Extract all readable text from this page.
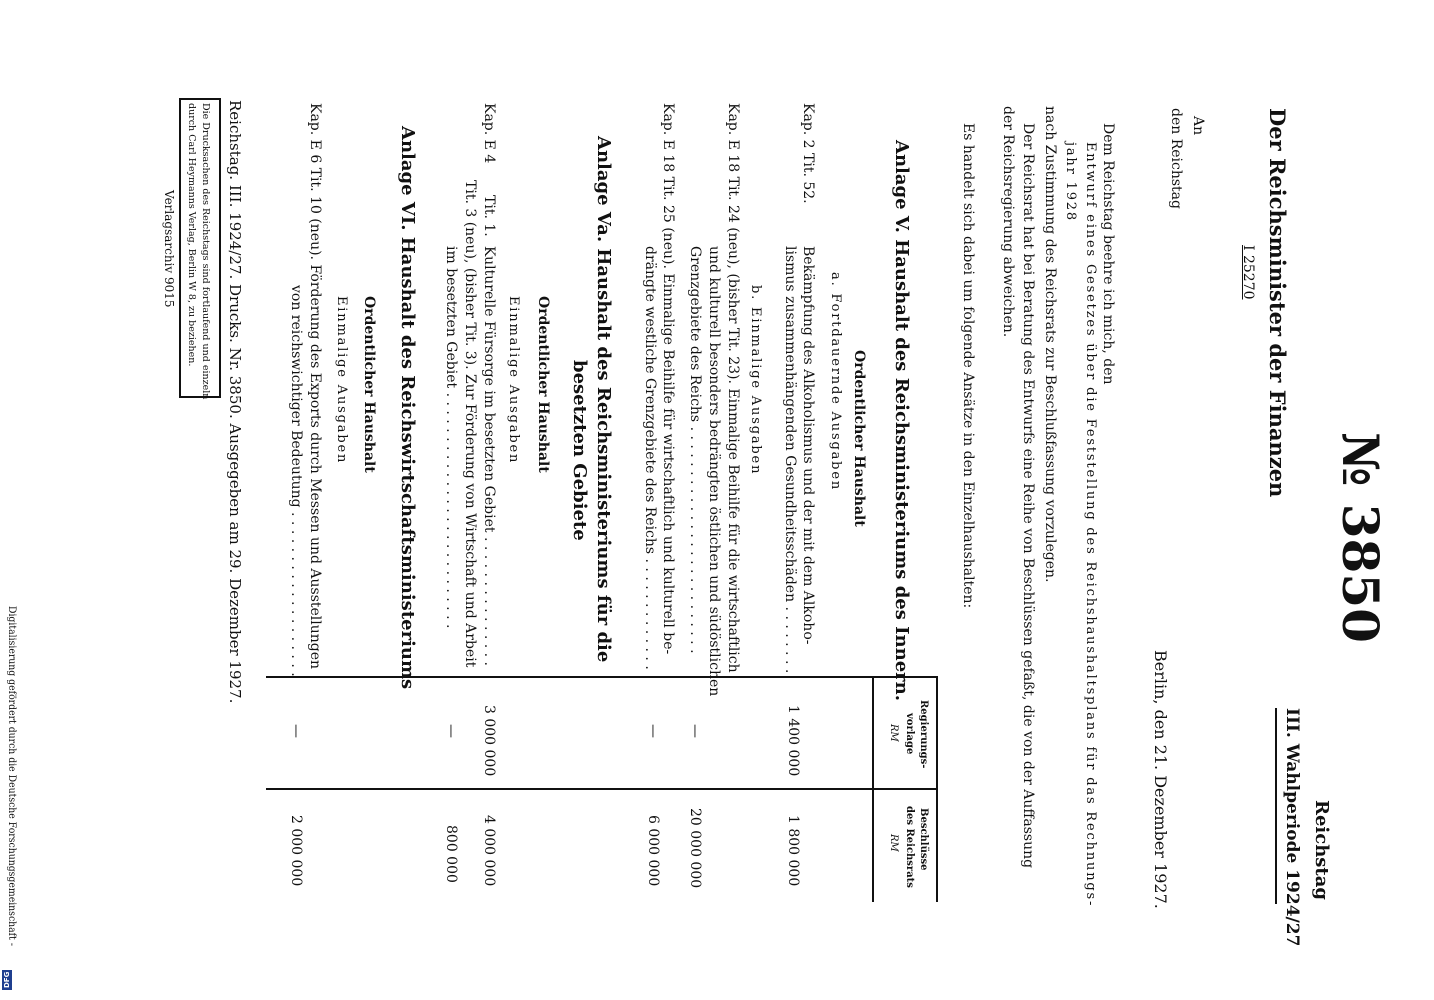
№ 3850
Reichstag
III. Wahlperiode 1924/27
Der Reichsminister der Finanzen
I 25270
Berlin, den 21. Dezember 1927.
An
den Reichstag
Dem Reichstag beehre ich mich, den
Entwurf eines Gesetzes über die Feststellung des Reichshaushaltsplans für das Rechnungs-
jahr 1928
nach Zustimmung des Reichsrats zur Beschlußfassung vorzulegen.
Der Reichsrat hat bei Beratung des Entwurfs eine Reihe von Beschlüssen gefaßt, die von der Auffassung
der Reichsregierung abweichen.
Es handelt sich dabei um folgende Ansätze in den Einzelhaushalten:
Regierungs-
vorlage
RM
Beschlüsse
des Reichsrats
RM
Anlage V. Haushalt des Reichsministeriums des Innern.
Ordentlicher Haushalt
a. Fortdauernde Ausgaben
Kap. 2 Tit. 52.
Bekämpfung des Alkoholismus und der mit dem Alkoho-
lismus zusammenhängenden Gesundheitsschäden . . . . . . . .
1 400 000
1 800 000
b. Einmalige Ausgaben
Kap. E 18 Tit. 24 (neu), (bisher Tit. 23). Einmalige Beihilfe für die wirtschaftlich
und kulturell besonders bedrängten östlichen und südöstlichen
Grenzgebiete des Reichs . . . . . . . . . . . . . . . . . . . . . . . . . .
—
20 000 000
Kap. E 18 Tit. 25 (neu). Einmalige Beihilfe für wirtschaftlich und kulturell be-
drängte westliche Grenzgebiete des Reichs . . . . . . . . . . . . .
—
6 000 000
Anlage Va. Haushalt des Reichsministeriums für die
besetzten Gebiete
Ordentlicher Haushalt
Einmalige Ausgaben
Kap. E 4
Tit. 1.
Kulturelle Fürsorge im besetzten Gebiet . . . . . . . . . . . . . . .
3 000 000
4 000 000
Tit. 3 (neu), (bisher Tit. 3). Zur Förderung von Wirtschaft und Arbeit
im besetzten Gebiet . . . . . . . . . . . . . . . . . . . . . . . . . . .
—
800 000
Anlage VI. Haushalt des Reichswirtschaftsministeriums
Ordentlicher Haushalt
Einmalige Ausgaben
Kap. E 6 Tit. 10 (neu). Förderung des Exports durch Messen und Ausstellungen
von reichswichtiger Bedeutung . . . . . . . . . . . . . . . . . . .
—
2 000 000
Reichstag. III. 1924/27. Drucks. Nr. 3850. Ausgegeben am 29. Dezember 1927.
Die Drucksachen des Reichstags sind fortlaufend und einzeln
durch Carl Heymanns Verlag, Berlin W 8, zu beziehen.
Verlagsarchiv 9015
Digitalisierung gefördert durch die Deutsche Forschungsgemeinschaft -
DFG
